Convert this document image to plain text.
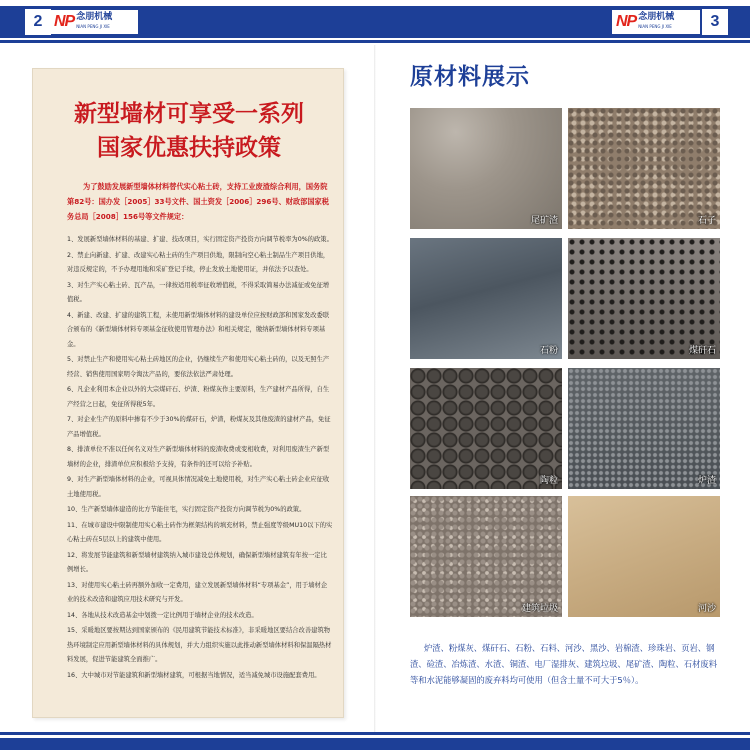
2 NP 念朋机械
NIAN PENG JI XIE	NP 念朋机械
NIAN PENG JI XIE	3
新型墙材可享受一系列
国家优惠扶持政策
为了鼓励发展新型墙体材料替代实心粘土砖，支持工业废渣综合利用，国务院第82号：国办发［2005］33号文件、国土资发［2006］296号、财政部国家税务总局［2008］156号等文件规定：
1、发展新型墙体材料的基建、扩建、技改项目，实行固定资产投资方向调节税率为0%的政策。
2、禁止向新建、扩建、改建实心粘土砖的生产项目供地，限制向空心粘土制品生产项目供地，对违反规定的，不予办理用地和采矿登记手续，停止发放土地使用证，并依法予以查处。
3、对生产实心粘土砖、瓦产品，一律按适用税率征收增值税，不得采取简易办法减征或免征增值税。
4、新建、改建、扩建的建筑工程，未使用新型墙体材料的建设单位应按财政部和国家发改委联合颁布的《新型墙体材料专项基金征收使用管理办法》和相关规定，缴纳新型墙体材料专项基金。
5、对禁止生产和使用实心粘土砖地区的企业，仍继续生产和使用实心粘土砖的，以及无照生产经营、销售使用国家明令淘汰产品的，要依法依法严肃处理。
6、凡企业利用本企业以外的大宗煤矸石、炉渣、粉煤灰作主要原料，生产建材产品所得，自生产经营之日起，免征所得税5年。
7、对企业生产的原料中掺有不少于30%的煤矸石，炉渣，粉煤灰及其他废渣的建材产品，免征产品增值税。
8、排渣单位不准以任何名义对生产新型墙体材料的废渣收费或变相收费，对利用废渣生产新型墙材的企业，排渣单位应积极给予支持，有条件的还可以给予补贴。
9、对生产新型墙体材料的企业，可视具体情况减免土地使用税，对生产实心粘土砖企业应征收土地使用税。
10、生产新型墙体建造的比方节能住宅，实行固定资产投资方向调节税为0%的政策。
11、在城市建设中限制使用实心粘土砖作为框架结构的填充材料，禁止强度等级MU10以下的实心粘土砖在5层以上的建筑中使用。
12、将发展节能建筑和新型墙材建筑纳入城市建设总体规划，确保新型墙材建筑有年按一定比例增长。
13、对使用实心粘土砖再额外加收一定费用，建立发展新型墙体材料“专项基金”，用于墙材企业的技术改造和建筑应用技术研究与开发。
14、各地从技术改造基金中划拨一定比例用于墙材企业的技术改造。
15、采暖地区要按期达到国家颁布的《民用建筑节能技术标准》，非采暖地区要结合改善建筑物热环境制定应用新型墙体材料的具体规划，并大力组织实施以此推动新型墙体材料和保温隔热材料发展，促进节能建筑全面推广。
16、大中城市对节能建筑和新型墙材建筑，可根据当地情况，适当减免城市设施配套费用。
原材料展示
尾矿渣	石子
石粉	煤矸石
陶粒	炉渣
建筑垃圾	河沙
炉渣、粉煤灰、煤矸石、石粉、石料、河沙、黑沙、岩棉渣、珍珠岩、页岩、钢渣、硷渣、冶炼渣、水渣、铜渣、电厂湿排灰、建筑垃圾、尾矿渣、陶粒、石材废料等和水泥能够凝固的废弃料均可使用（但含土量不可大于5％）。
